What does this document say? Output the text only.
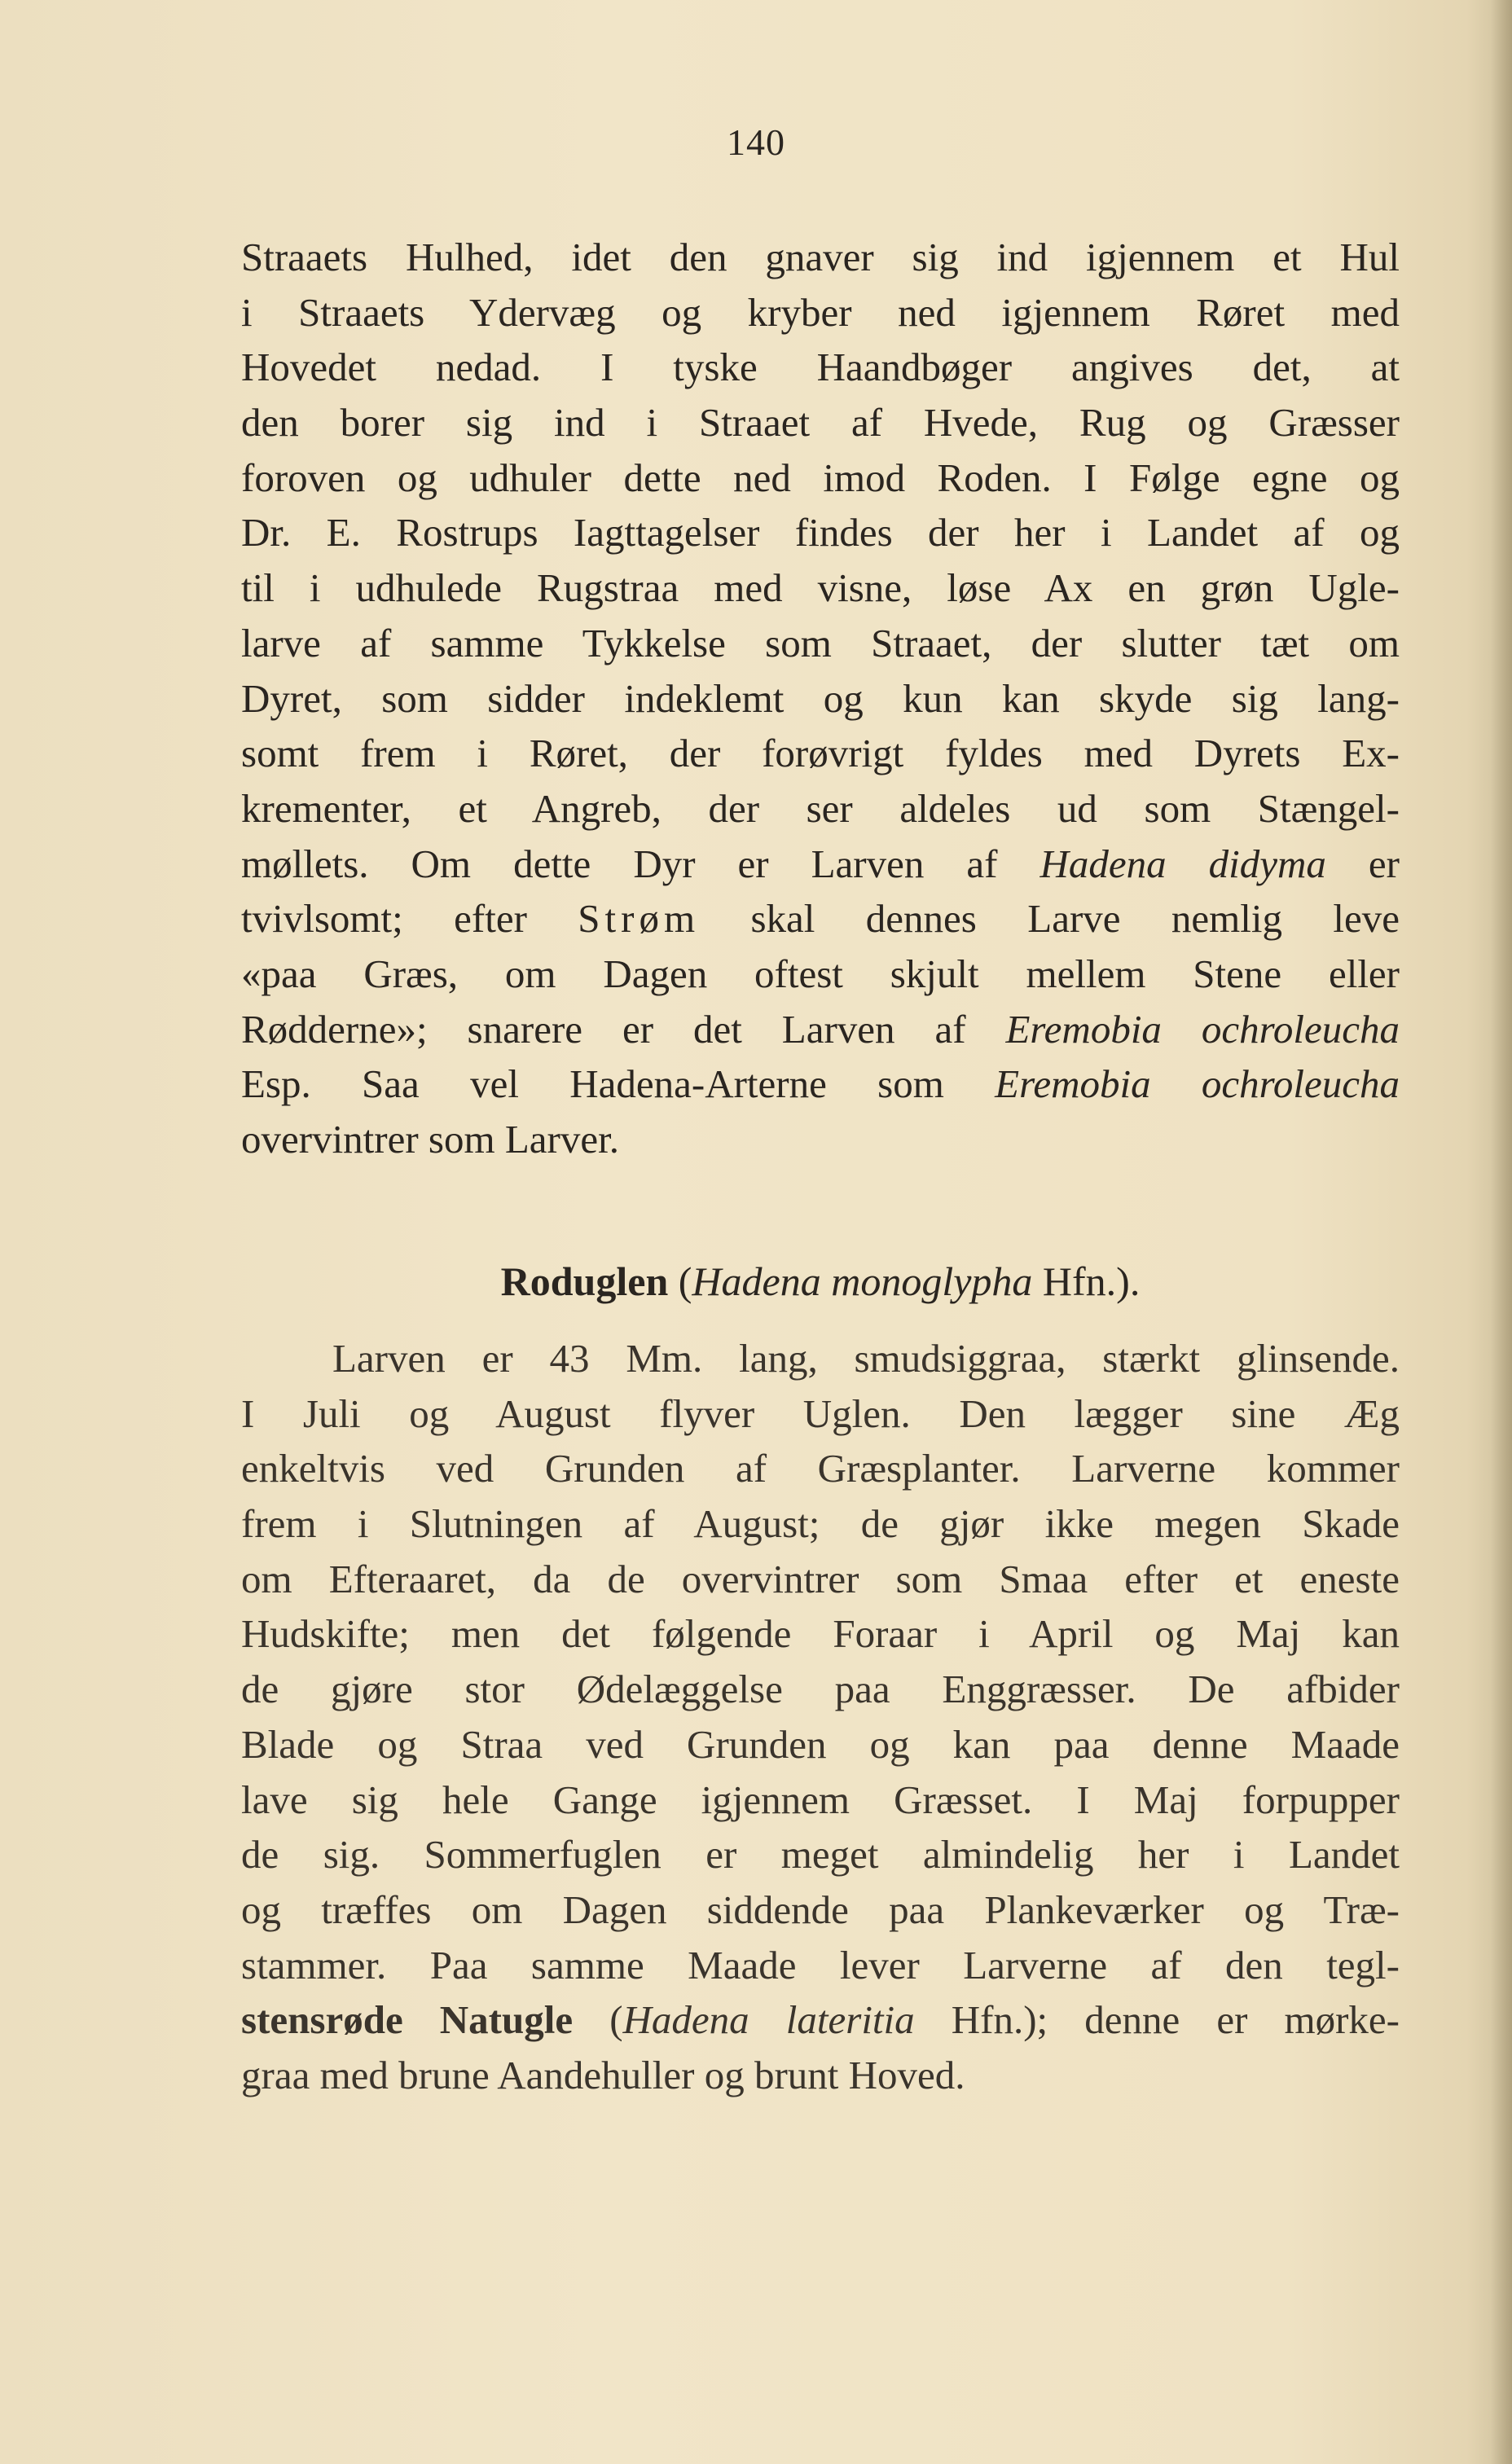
140
Straaets Hulhed, idet den gnaver sig ind igjennem et Hul
i Straaets Ydervæg og kryber ned igjennem Røret med
Hovedet nedad. I tyske Haandbøger angives det, at
den borer sig ind i Straaet af Hvede, Rug og Græsser
foroven og udhuler dette ned imod Roden. I Følge egne og
Dr. E. Rostrups Iagttagelser findes der her i Landet af og
til i udhulede Rugstraa med visne, løse Ax en grøn Ugle-
larve af samme Tykkelse som Straaet, der slutter tæt om
Dyret, som sidder indeklemt og kun kan skyde sig lang-
somt frem i Røret, der forøvrigt fyldes med Dyrets Ex-
krementer, et Angreb, der ser aldeles ud som Stængel-
møllets. Om dette Dyr er Larven af Hadena didyma er
tvivlsomt; efter Strøm skal dennes Larve nemlig leve
«paa Græs, om Dagen oftest skjult mellem Stene eller
Rødderne»; snarere er det Larven af Eremobia ochroleucha
Esp. Saa vel Hadena-Arterne som Eremobia ochroleucha
overvintrer som Larver.
Roduglen (Hadena monoglypha Hfn.).
Larven er 43 Mm. lang, smudsiggraa, stærkt glinsende.
I Juli og August flyver Uglen. Den lægger sine Æg
enkeltvis ved Grunden af Græsplanter. Larverne kommer
frem i Slutningen af August; de gjør ikke megen Skade
om Efteraaret, da de overvintrer som Smaa efter et eneste
Hudskifte; men det følgende Foraar i April og Maj kan
de gjøre stor Ødelæggelse paa Enggræsser. De afbider
Blade og Straa ved Grunden og kan paa denne Maade
lave sig hele Gange igjennem Græsset. I Maj forpupper
de sig. Sommerfuglen er meget almindelig her i Landet
og træffes om Dagen siddende paa Plankeværker og Træ-
stammer. Paa samme Maade lever Larverne af den tegl-
stensrøde Natugle (Hadena lateritia Hfn.); denne er mørke-
graa med brune Aandehuller og brunt Hoved.
